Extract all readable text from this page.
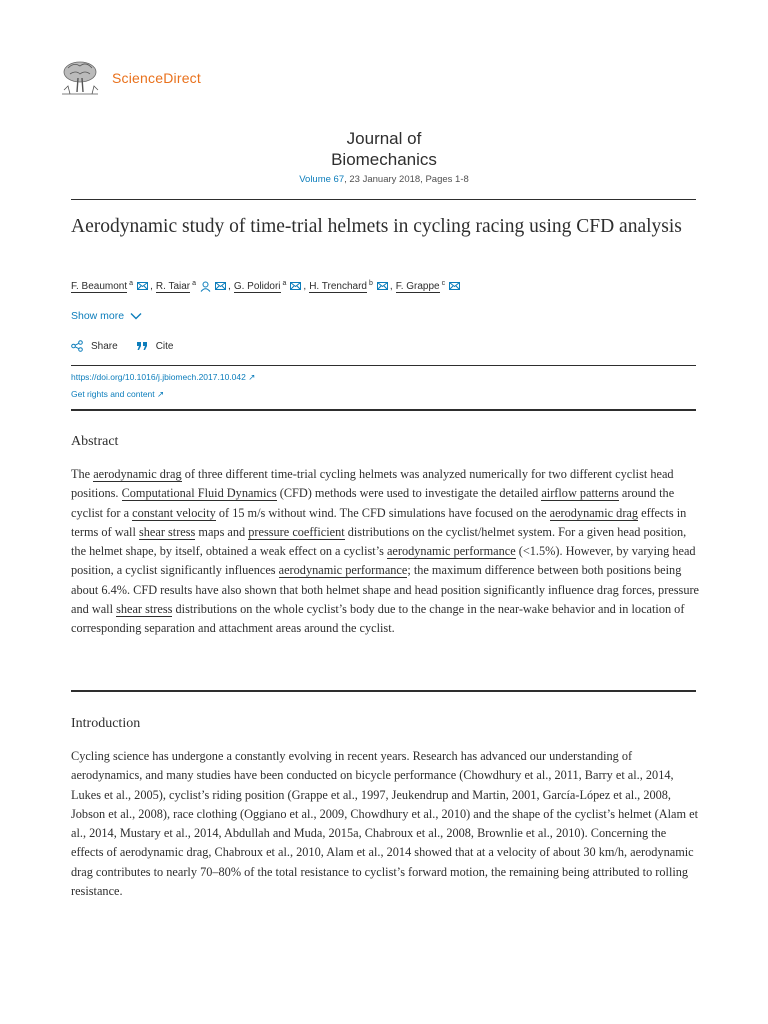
ScienceDirect
Journal of
Biomechanics
Volume 67, 23 January 2018, Pages 1-8
Aerodynamic study of time-trial helmets in cycling racing using CFD analysis
F. Beaumont $^a$ , R. Taiar $^a$	, G. Polidori $^a$ , H. Trenchard $^b$ , F. Grappe $^c$
Show more
Share	Cite
https://doi.org/10.1016/j.jbiomech.2017.10.042 ↗
Get rights and content ↗
Abstract
The aerodynamic drag of three different time-trial cycling helmets was analyzed numerically for two different cyclist head positions. Computational Fluid Dynamics (CFD) methods were used to investigate the detailed airflow patterns around the cyclist for a constant velocity of 15 m/s without wind. The CFD simulations have focused on the aerodynamic drag effects in terms of wall shear stress maps and pressure coefficient distributions on the cyclist/helmet system. For a given head position, the helmet shape, by itself, obtained a weak effect on a cyclist’s aerodynamic performance (<1.5%). However, by varying head position, a cyclist significantly influences aerodynamic performance; the maximum difference between both positions being about 6.4%. CFD results have also shown that both helmet shape and head position significantly influence drag forces, pressure and wall shear stress distributions on the whole cyclist’s body due to the change in the near-wake behavior and in location of corresponding separation and attachment areas around the cyclist.
Introduction
Cycling science has undergone a constantly evolving in recent years. Research has advanced our understanding of aerodynamics, and many studies have been conducted on bicycle performance (Chowdhury et al., 2011, Barry et al., 2014, Lukes et al., 2005), cyclist’s riding position (Grappe et al., 1997, Jeukendrup and Martin, 2001, García-López et al., 2008, Jobson et al., 2008), race clothing (Oggiano et al., 2009, Chowdhury et al., 2010) and the shape of the cyclist’s helmet (Alam et al., 2014, Mustary et al., 2014, Abdullah and Muda, 2015a, Chabroux et al., 2008, Brownlie et al., 2010). Concerning the effects of aerodynamic drag, Chabroux et al., 2010, Alam et al., 2014 showed that at a velocity of about 30 km/h, aerodynamic drag contributes to nearly 70–80% of the total resistance to cyclist’s forward motion, the remaining being attributed to rolling resistance.
